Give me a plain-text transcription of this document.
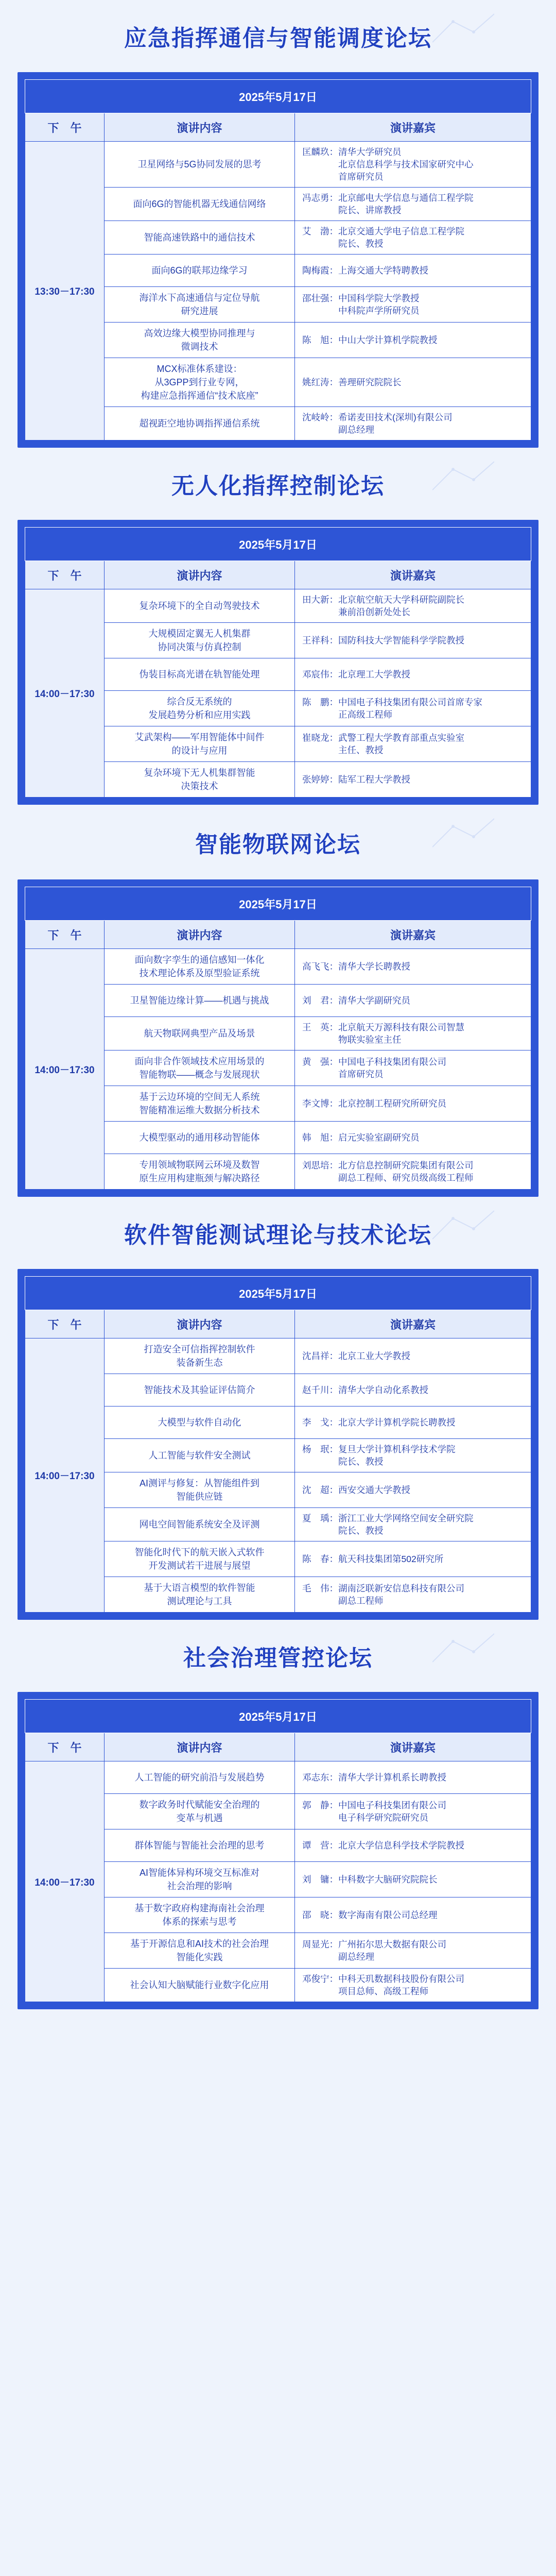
应急指挥通信与智能调度论坛
2025年5月17日		
下　午	演讲内容	演讲嘉宾
13:30－17:30	卫星网络与5G协同发展的思考	匡麟玖： 清华大学研究员
北京信息科学与技术国家研究中心
首席研究员

	面向6G的智能机器无线通信网络	冯志勇： 北京邮电大学信息与通信工程学院
院长、讲席教授

	智能高速铁路中的通信技术	艾　渤： 北京交通大学电子信息工程学院
院长、教授

	面向6G的联邦边缘学习	陶梅霞： 上海交通大学特聘教授

	海洋水下高速通信与定位导航
研究进展	邵壮强： 中国科学院大学教授
中科院声学所研究员

	高效边缘大模型协同推理与
微调技术	陈　旭： 中山大学计算机学院教授

	MCX标准体系建设：
从3GPP到行业专网，
构建应急指挥通信“技术底座”	姚红涛： 善理研究院院长

	超视距空地协调指挥通信系统	沈岐岭： 希诺麦田技术(深圳)有限公司
副总经理
无人化指挥控制论坛
2025年5月17日		
下　午	演讲内容	演讲嘉宾
14:00－17:30	复杂环境下的全自动驾驶技术	田大新： 北京航空航天大学科研院副院长
兼前沿创新处处长

	大规模固定翼无人机集群
协同决策与仿真控制	王祥科： 国防科技大学智能科学学院教授

	伪装目标高光谱在轨智能处理	邓宸伟： 北京理工大学教授

	综合反无系统的
发展趋势分析和应用实践	陈　鹏： 中国电子科技集团有限公司首席专家
正高级工程师

	艾武架构——军用智能体中间件
的设计与应用	崔晓龙： 武警工程大学教育部重点实验室
主任、教授

	复杂环境下无人机集群智能
决策技术	张婷婷： 陆军工程大学教授
智能物联网论坛
2025年5月17日		
下　午	演讲内容	演讲嘉宾
14:00－17:30	面向数字孪生的通信感知一体化
技术理论体系及原型验证系统	高飞飞： 清华大学长聘教授

	卫星智能边缘计算——机遇与挑战	刘　君： 清华大学副研究员

	航天物联网典型产品及场景	王　英： 北京航天万源科技有限公司智慧
物联实验室主任

	面向非合作领域技术应用场景的
智能物联——概念与发展现状	黄　强： 中国电子科技集团有限公司
首席研究员

	基于云边环境的空间无人系统
智能精准运维大数据分析技术	李文博： 北京控制工程研究所研究员

	大模型驱动的通用移动智能体	韩　旭： 启元实验室副研究员

	专用领域物联网云环境及数智
原生应用构建瓶颈与解决路径	刘思培： 北方信息控制研究院集团有限公司
副总工程师、研究员级高级工程师
软件智能测试理论与技术论坛
2025年5月17日		
下　午	演讲内容	演讲嘉宾
14:00－17:30	打造安全可信指挥控制软件
装备新生态	沈昌祥： 北京工业大学教授

	智能技术及其验证评估简介	赵千川： 清华大学自动化系教授

	大模型与软件自动化	李　戈： 北京大学计算机学院长聘教授

	人工智能与软件安全测试	杨　珉： 复旦大学计算机科学技术学院
院长、教授

	AI测评与修复：从智能组件到
智能供应链	沈　超： 西安交通大学教授

	网电空间智能系统安全及评测	夏　瑀： 浙江工业大学网络空间安全研究院
院长、教授

	智能化时代下的航天嵌入式软件
开发测试若干进展与展望	陈　春： 航天科技集团第502研究所

	基于大语言模型的软件智能
测试理论与工具	毛　伟： 湖南泛联新安信息科技有限公司
副总工程师
社会治理管控论坛
2025年5月17日		
下　午	演讲内容	演讲嘉宾
14:00－17:30	人工智能的研究前沿与发展趋势	邓志东： 清华大学计算机系长聘教授

	数字政务时代赋能安全治理的
变革与机遇	郭　静： 中国电子科技集团有限公司
电子科学研究院研究员

	群体智能与智能社会治理的思考	谭　营： 北京大学信息科学技术学院教授

	AI智能体异构环境交互标准对
社会治理的影响	刘　镛： 中科数字大脑研究院院长

	基于数字政府构建海南社会治理
体系的探索与思考	邵　晓： 数字海南有限公司总经理

	基于开源信息和AI技术的社会治理
智能化实践	周显光： 广州拓尔思大数据有限公司
副总经理

	社会认知大脑赋能行业数字化应用	邓俊宁： 中科天玑数据科技股份有限公司
项目总师、高级工程师
